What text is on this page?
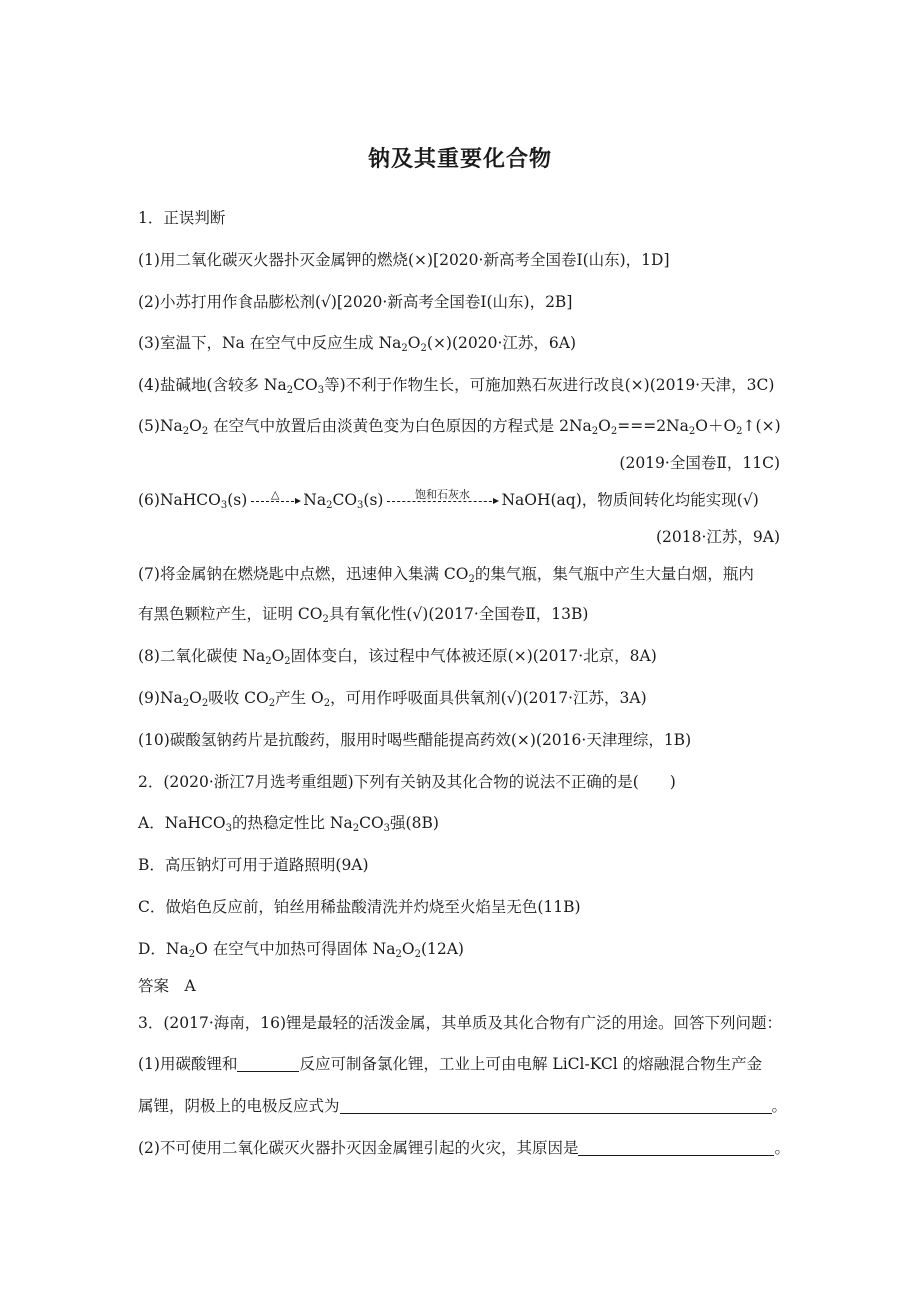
钠及其重要化合物
1．正误判断
(1)用二氧化碳灭火器扑灭金属钾的燃烧(×)[2020·新高考全国卷Ⅰ(山东)，1D]
(2)小苏打用作食品膨松剂(√)[2020·新高考全国卷Ⅰ(山东)，2B]
(3)室温下，Na 在空气中反应生成 $Na_2O_2(\times)(2020\cdot$江苏，6A)
(4)盐碱地(含较多 $Na_2CO_3$等)不利于作物生长，可施加熟石灰进行改良(×)(2019·天津，3C)
$(5)Na_2O_2$ 在空气中放置后由淡黄色变为白色原因的方程式是 $2Na_2O_2===2Na_2O+O_2↑(\times)$
(2019·全国卷Ⅱ，11C)
(6)NaHCO$_3$(s)	△	$Na_2CO_3(s)$	饱和石灰水	NaOH(aq)，物质间转化均能实现(√)
(2018·江苏，9A)
(7)将金属钠在燃烧匙中点燃，迅速伸入集满 $CO_2$的集气瓶，集气瓶中产生大量白烟，瓶内
有黑色颗粒产生，证明 $CO_2$具有氧化性(√)(2017·全国卷Ⅱ，13B)
(8)二氧化碳使 $Na_2O_2$固体变白，该过程中气体被还原(×)(2017·北京，8A)
$(9)Na_2O_2$吸收 $CO_2$产生 $O_2$，可用作呼吸面具供氧剂(√)(2017·江苏，3A)
(10)碳酸氢钠药片是抗酸药，服用时喝些醋能提高药效(×)(2016·天津理综，1B)
2．(2020·浙江7月选考重组题)下列有关钠及其化合物的说法不正确的是(　　)
A．NaHCO$_3$的热稳定性比 $Na_2CO_3$强(8B)
B．高压钠灯可用于道路照明(9A)
C．做焰色反应前，铂丝用稀盐酸清洗并灼烧至火焰呈无色(11B)
D．$Na_2O$ 在空气中加热可得固体 $Na_2O_2(12A)$
答案　A
3．(2017·海南，16)锂是最轻的活泼金属，其单质及其化合物有广泛的用途。回答下列问题：
(1)用碳酸锂和	反应可制备氯化锂，工业上可由电解 LiCl-KCl 的熔融混合物生产金
属锂，阴极上的电极反应式为	。
(2)不可使用二氧化碳灭火器扑灭因金属锂引起的火灾，其原因是	。
